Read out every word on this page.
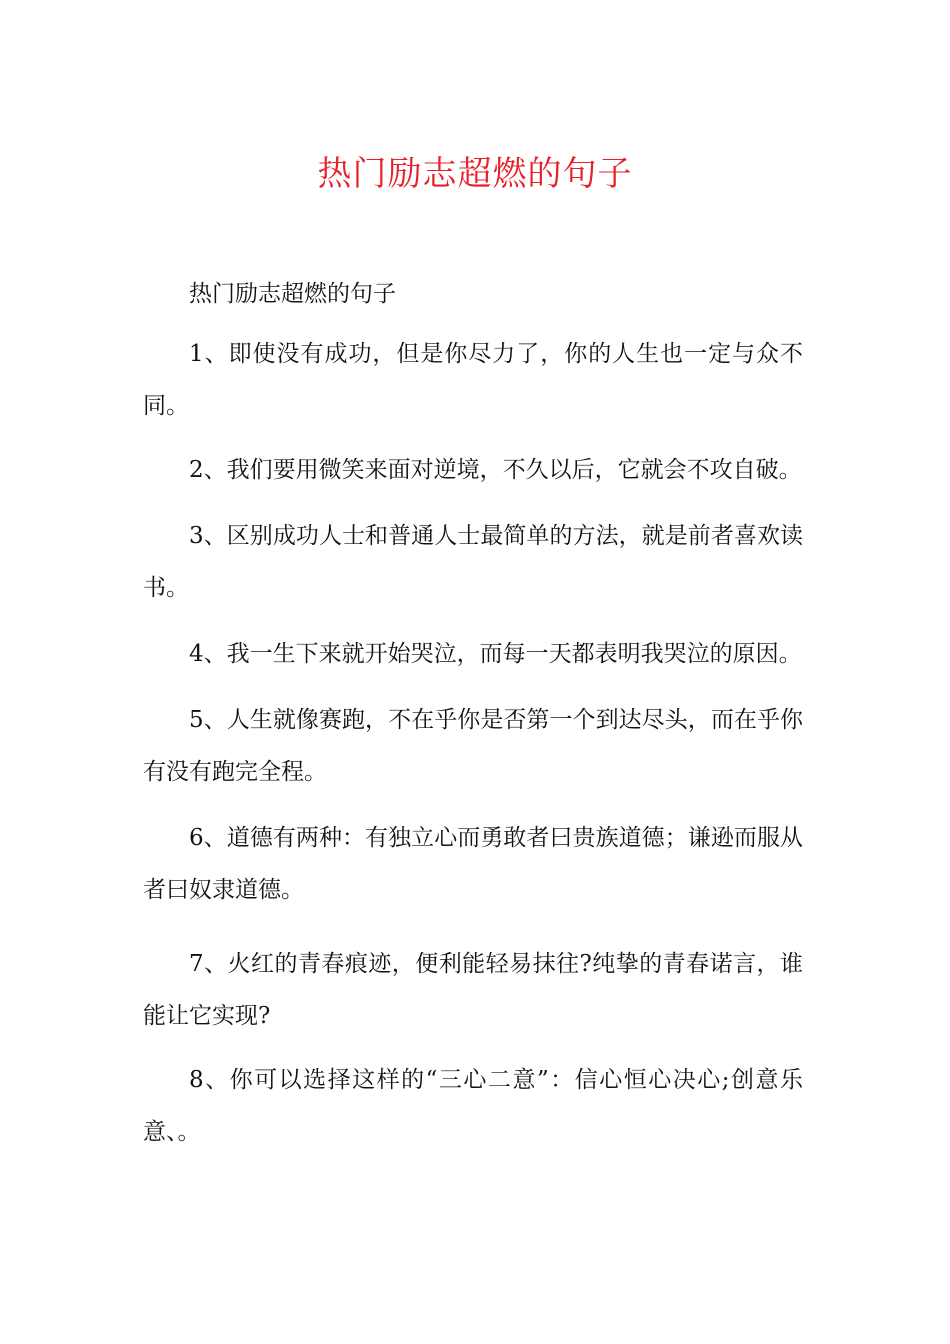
热门励志超燃的句子
热门励志超燃的句子
1、即使没有成功，但是你尽力了，你的人生也一定与众不同。
2、我们要用微笑来面对逆境，不久以后，它就会不攻自破。
3、区别成功人士和普通人士最简单的方法，就是前者喜欢读书。
4、我一生下来就开始哭泣，而每一天都表明我哭泣的原因。
5、人生就像赛跑，不在乎你是否第一个到达尽头，而在乎你有没有跑完全程。
6、道德有两种：有独立心而勇敢者曰贵族道德；谦逊而服从者曰奴隶道德。
7、火红的青春痕迹，便利能轻易抹往?纯挚的青春诺言，谁能让它实现?
8、你可以选择这样的“三心二意”：信心恒心决心;创意乐意、。
